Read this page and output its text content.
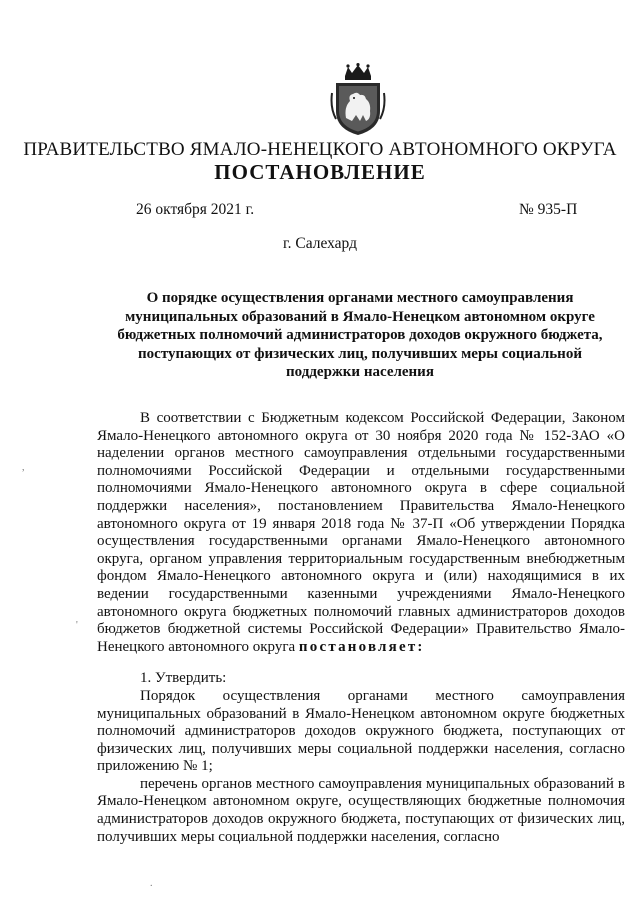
ПРАВИТЕЛЬСТВО ЯМАЛО-НЕНЕЦКОГО АВТОНОМНОГО ОКРУГА
ПОСТАНОВЛЕНИЕ
26 октября 2021 г.	№ 935-П
г. Салехард
О порядке осуществления органами местного самоуправления муниципальных образований в Ямало-Ненецком автономном округе бюджетных полномочий администраторов доходов окружного бюджета, поступающих от физических лиц, получивших меры социальной поддержки населения

В соответствии с Бюджетным кодексом Российской Федерации, Законом Ямало-Ненецкого автономного округа от 30 ноября 2020 года № 152-ЗАО «О наделении органов местного самоуправления отдельными государственными полномочиями Российской Федерации и отдельными государственными полномочиями Ямало-Ненецкого автономного округа в сфере социальной поддержки населения», постановлением Правительства Ямало-Ненецкого автономного округа от 19 января 2018 года № 37-П «Об утверждении Порядка осуществления государственными органами Ямало-Ненецкого автономного округа, органом управления территориальным государственным внебюджетным фондом Ямало-Ненецкого автономного округа и (или) находящимися в их ведении государственными казенными учреждениями Ямало-Ненецкого автономного округа бюджетных полномочий главных администраторов доходов бюджетов бюджетной системы Российской Федерации» Правительство Ямало-Ненецкого автономного округа постановляет:

1. Утвердить:

Порядок осуществления органами местного самоуправления муниципальных образований в Ямало-Ненецком автономном округе бюджетных полномочий администраторов доходов окружного бюджета, поступающих от физических лиц, получивших меры социальной поддержки населения, согласно приложению № 1;

перечень органов местного самоуправления муниципальных образований в Ямало-Ненецком автономном округе, осуществляющих бюджетные полномочия администраторов доходов окружного бюджета, поступающих от физических лиц, получивших меры социальной поддержки населения, согласно

,
'
.
